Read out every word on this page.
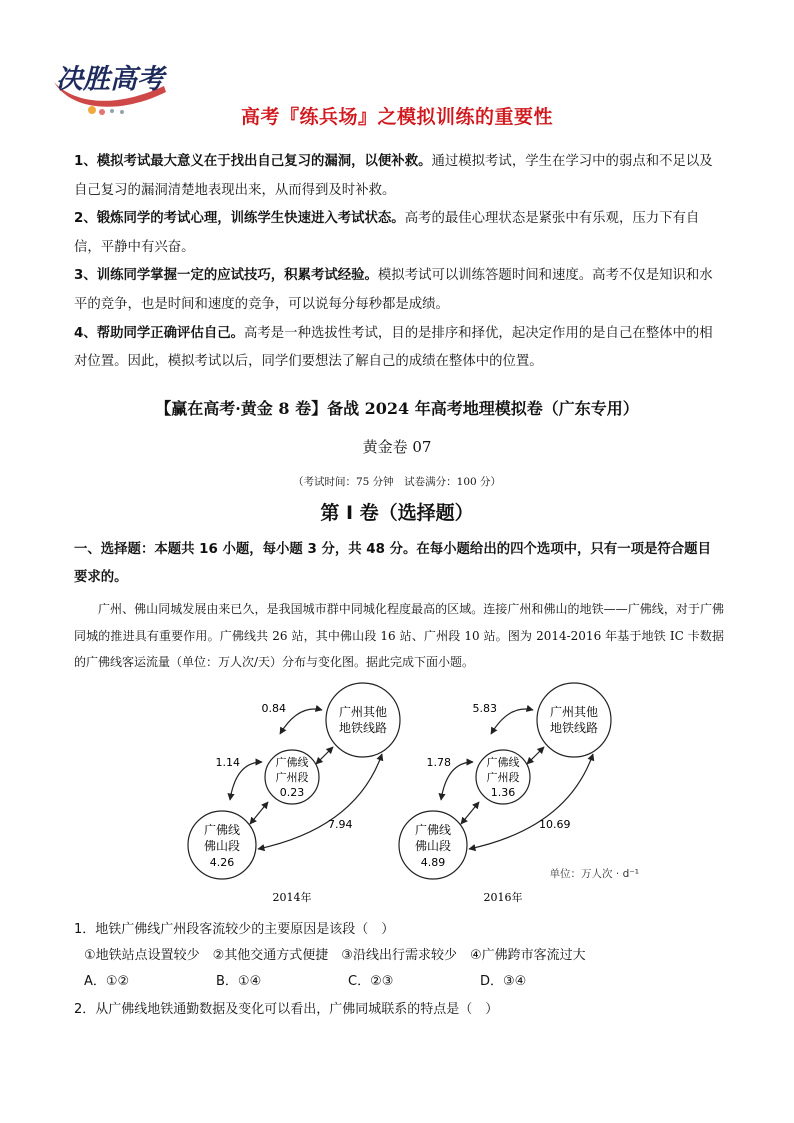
决胜高考
高考『练兵场』之模拟训练的重要性

1、模拟考试最大意义在于找出自己复习的漏洞，以便补救。通过模拟考试，学生在学习中的弱点和不足以及自己复习的漏洞清楚地表现出来，从而得到及时补救。

2、锻炼同学的考试心理，训练学生快速进入考试状态。高考的最佳心理状态是紧张中有乐观，压力下有自信，平静中有兴奋。

3、训练同学掌握一定的应试技巧，积累考试经验。模拟考试可以训练答题时间和速度。高考不仅是知识和水平的竞争，也是时间和速度的竞争，可以说每分每秒都是成绩。

4、帮助同学正确评估自己。高考是一种选拔性考试，目的是排序和择优，起决定作用的是自己在整体中的相对位置。因此，模拟考试以后，同学们要想法了解自己的成绩在整体中的位置。

【赢在高考·黄金 8 卷】备战 2024 年高考地理模拟卷（广东专用）
黄金卷 07
（考试时间：75 分钟　试卷满分：100 分）
第 I 卷（选择题）
一、选择题：本题共 16 小题，每小题 3 分，共 48 分。在每小题给出的四个选项中，只有一项是符合题目要求的。
广州、佛山同城发展由来已久，是我国城市群中同城化程度最高的区域。连接广州和佛山的地铁——广佛线，对于广佛同城的推进具有重要作用。广佛线共 26 站，其中佛山段 16 站、广州段 10 站。图为 2014-2016 年基于地铁 IC 卡数据的广佛线客运流量（单位：万人次/天）分布与变化图。据此完成下面小题。
广州其他
地铁线路
广佛线
广州段
0.23
广佛线
佛山段
4.26
0.84
1.14
7.94
2014年
广州其他
地铁线路
广佛线
广州段
1.36
广佛线
佛山段
4.89
5.83
1.78
10.69
2016年
单位：万人次 · d⁻¹
1．地铁广佛线广州段客流较少的主要原因是该段（　）
①地铁站点设置较少　②其他交通方式便捷　③沿线出行需求较少　④广佛跨市客流过大
A．①②	B．①④	C．②③	D．③④
2．从广佛线地铁通勤数据及变化可以看出，广佛同城联系的特点是（　）
